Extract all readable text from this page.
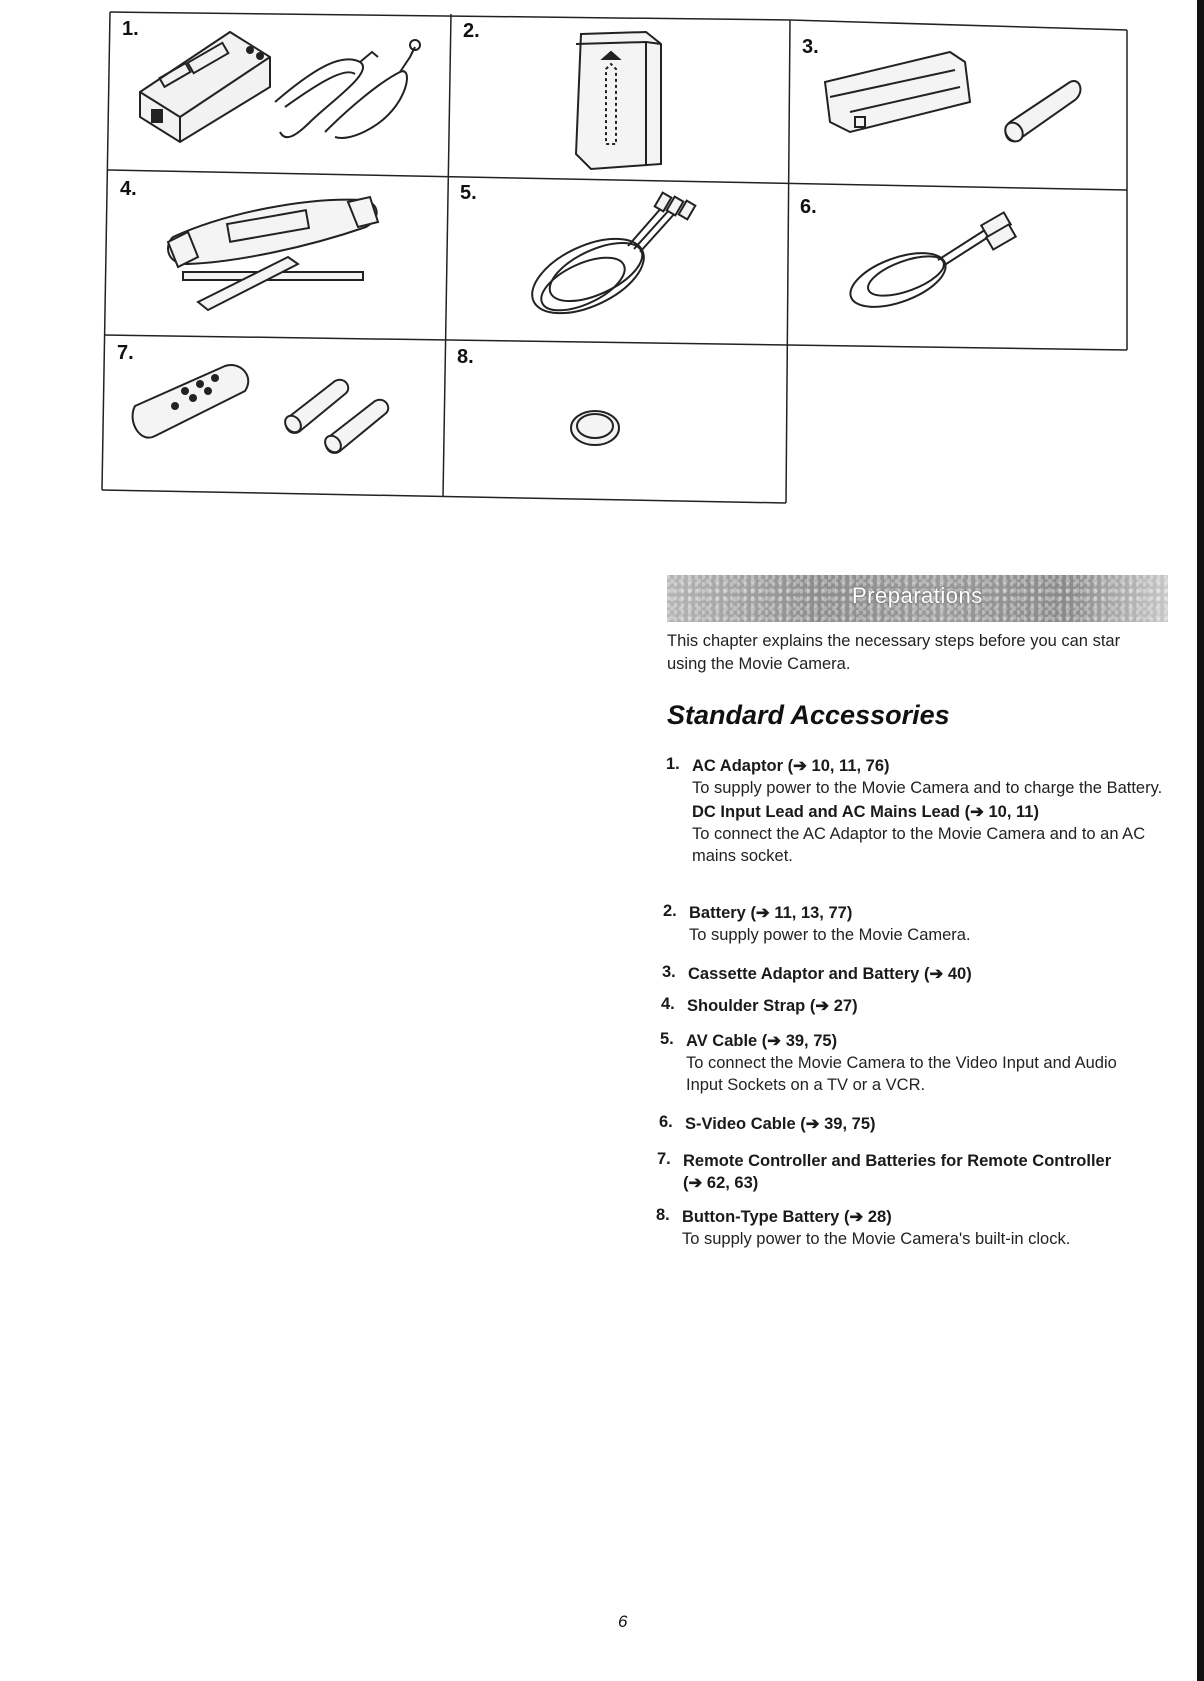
1.	2.
3.
4.	5.
6.
7.	8.
Preparations
This chapter explains the necessary steps before you can star
using the Movie Camera.
Standard Accessories
1. AC Adaptor (➔ 10, 11, 76)
To supply power to the Movie Camera and to charge the Battery.
DC Input Lead and AC Mains Lead (➔ 10, 11)
To connect the AC Adaptor to the Movie Camera and to an AC mains socket.
2. Battery (➔ 11, 13, 77)
To supply power to the Movie Camera.
3. Cassette Adaptor and Battery (➔ 40)
4. Shoulder Strap (➔ 27)
5. AV Cable (➔ 39, 75)
To connect the Movie Camera to the Video Input and Audio Input Sockets on a TV or a VCR.
6. S-Video Cable (➔ 39, 75)
7. Remote Controller and Batteries for Remote Controller
(➔ 62, 63)
8. Button-Type Battery (➔ 28)
To supply power to the Movie Camera's built-in clock.
6
